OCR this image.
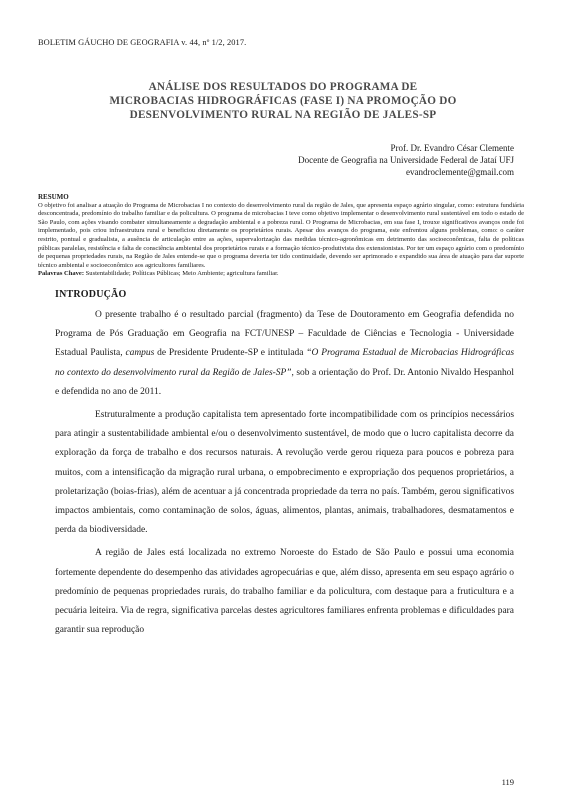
BOLETIM GÁUCHO DE GEOGRAFIA v. 44, nº 1/2, 2017.
ANÁLISE DOS RESULTADOS DO PROGRAMA DE
MICROBACIAS HIDROGRÁFICAS (FASE I) NA PROMOÇÃO DO
DESENVOLVIMENTO RURAL NA REGIÃO DE JALES-SP
Prof. Dr. Evandro César Clemente
Docente de Geografia na Universidade Federal de Jataí UFJ
evandroclemente@gmail.com
RESUMO
O objetivo foi analisar a atuação do Programa de Microbacias I no contexto do desenvolvimento rural da região de Jales, que apresenta espaço agrário singular, como: estrutura fundiária desconcentrada, predomínio do trabalho familiar e da policultura. O programa de microbacias I teve como objetivo implementar o desenvolvimento rural sustentável em todo o estado de São Paulo, com ações visando combater simultaneamente a degradação ambiental e a pobreza rural. O Programa de Microbacias, em sua fase I, trouxe significativos avanços onde foi implementado, pois criou infraestrutura rural e beneficiou diretamente os proprietários rurais. Apesar dos avanços do programa, este enfrentou alguns problemas, como: o caráter restrito, pontual e gradualista, a ausência de articulação entre as ações, supervalorização das medidas técnico-agronômicas em detrimento das socioeconômicas, falta de políticas públicas paralelas, resistência e falta de consciência ambiental dos proprietários rurais e a formação técnico-produtivista dos extensionistas. Por ter um espaço agrário com o predomínio de pequenas propriedades rurais, na Região de Jales entende-se que o programa deveria ter tido continuidade, devendo ser aprimorado e expandido sua área de atuação para dar suporte técnico ambiental e socioeconômico aos agricultores familiares.
Palavras Chave: Sustentabilidade; Políticas Públicas; Meio Ambiente; agricultura familiar.
INTRODUÇÃO

O presente trabalho é o resultado parcial (fragmento) da Tese de Doutoramento em Geografia defendida no Programa de Pós Graduação em Geografia na FCT/UNESP – Faculdade de Ciências e Tecnologia - Universidade Estadual Paulista, campus de Presidente Prudente-SP e intitulada “O Programa Estadual de Microbacias Hidrográficas no contexto do desenvolvimento rural da Região de Jales-SP”, sob a orientação do Prof. Dr. Antonio Nivaldo Hespanhol e defendida no ano de 2011.

Estruturalmente a produção capitalista tem apresentado forte incompatibilidade com os princípios necessários para atingir a sustentabilidade ambiental e/ou o desenvolvimento sustentável, de modo que o lucro capitalista decorre da exploração da força de trabalho e dos recursos naturais. A revolução verde gerou riqueza para poucos e pobreza para muitos, com a intensificação da migração rural urbana, o empobrecimento e expropriação dos pequenos proprietários, a proletarização (boias-frias), além de acentuar a já concentrada propriedade da terra no país. Também, gerou significativos impactos ambientais, como contaminação de solos, águas, alimentos, plantas, animais, trabalhadores, desmatamentos e perda da biodiversidade.

A região de Jales está localizada no extremo Noroeste do Estado de São Paulo e possui uma economia fortemente dependente do desempenho das atividades agropecuárias e que, além disso, apresenta em seu espaço agrário o predomínio de pequenas propriedades rurais, do trabalho familiar e da policultura, com destaque para a fruticultura e a pecuária leiteira. Via de regra, significativa parcelas destes agricultores familiares enfrenta problemas e dificuldades para garantir sua reprodução

119
